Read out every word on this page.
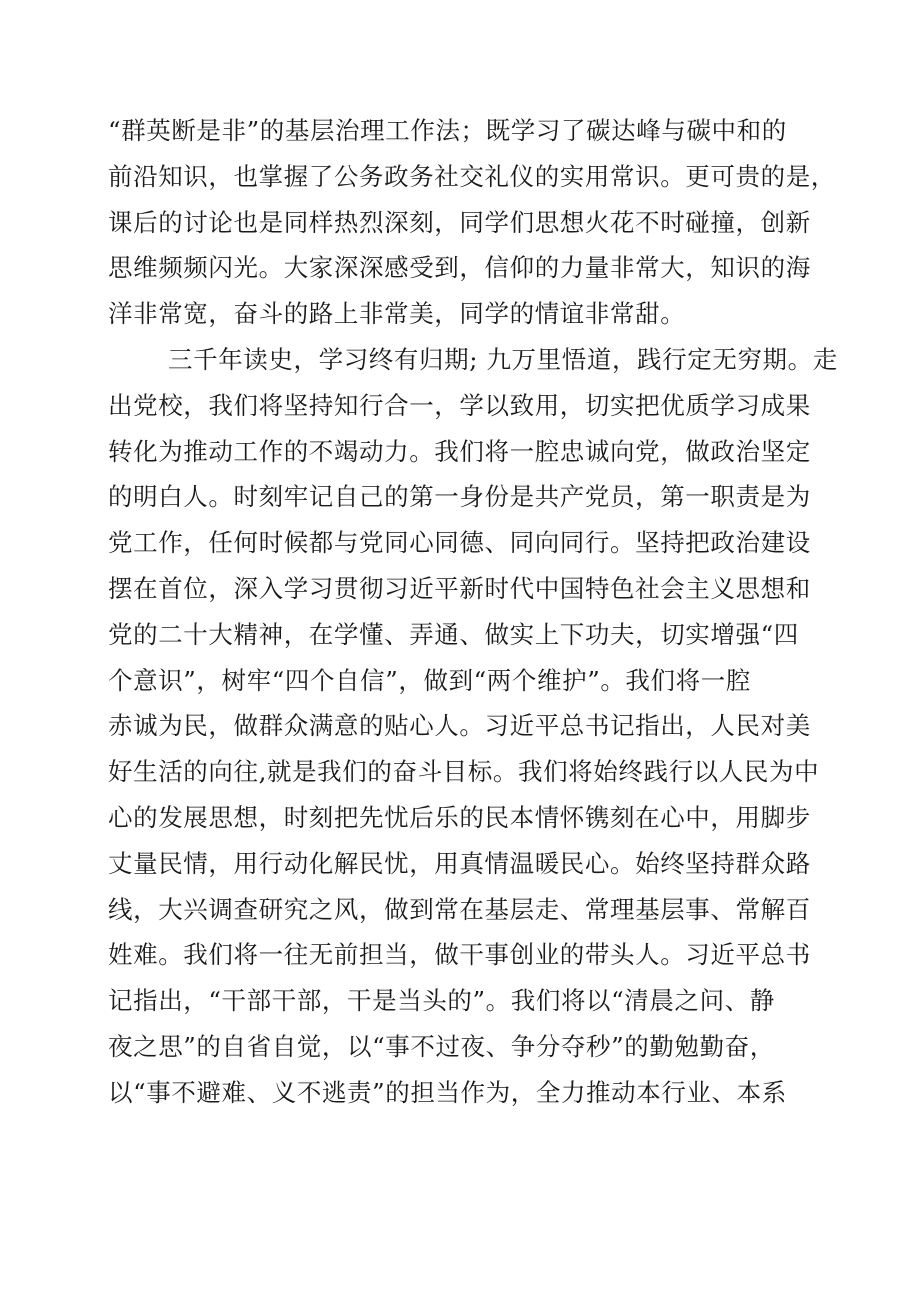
“群英断是非”的基层治理工作法；既学习了碳达峰与碳中和的
前沿知识，也掌握了公务政务社交礼仪的实用常识。更可贵的是，
课后的讨论也是同样热烈深刻，同学们思想火花不时碰撞，创新
思维频频闪光。大家深深感受到，信仰的力量非常大，知识的海
洋非常宽，奋斗的路上非常美，同学的情谊非常甜。
三千年读史，学习终有归期; 九万里悟道，践行定无穷期。走
出党校，我们将坚持知行合一，学以致用，切实把优质学习成果
转化为推动工作的不竭动力。我们将一腔忠诚向党，做政治坚定
的明白人。时刻牢记自己的第一身份是共产党员，第一职责是为
党工作，任何时候都与党同心同德、同向同行。坚持把政治建设
摆在首位，深入学习贯彻习近平新时代中国特色社会主义思想和
党的二十大精神，在学懂、弄通、做实上下功夫，切实增强“四
个意识”，树牢“四个自信”，做到“两个维护”。我们将一腔
赤诚为民，做群众满意的贴心人。习近平总书记指出，人民对美
好生活的向往,就是我们的奋斗目标。我们将始终践行以人民为中
心的发展思想，时刻把先忧后乐的民本情怀镌刻在心中，用脚步
丈量民情，用行动化解民忧，用真情温暖民心。始终坚持群众路
线，大兴调查研究之风，做到常在基层走、常理基层事、常解百
姓难。我们将一往无前担当，做干事创业的带头人。习近平总书
记指出，“干部干部，干是当头的”。我们将以“清晨之问、静
夜之思”的自省自觉，以“事不过夜、争分夺秒”的勤勉勤奋，
以“事不避难、义不逃责”的担当作为，全力推动本行业、本系
